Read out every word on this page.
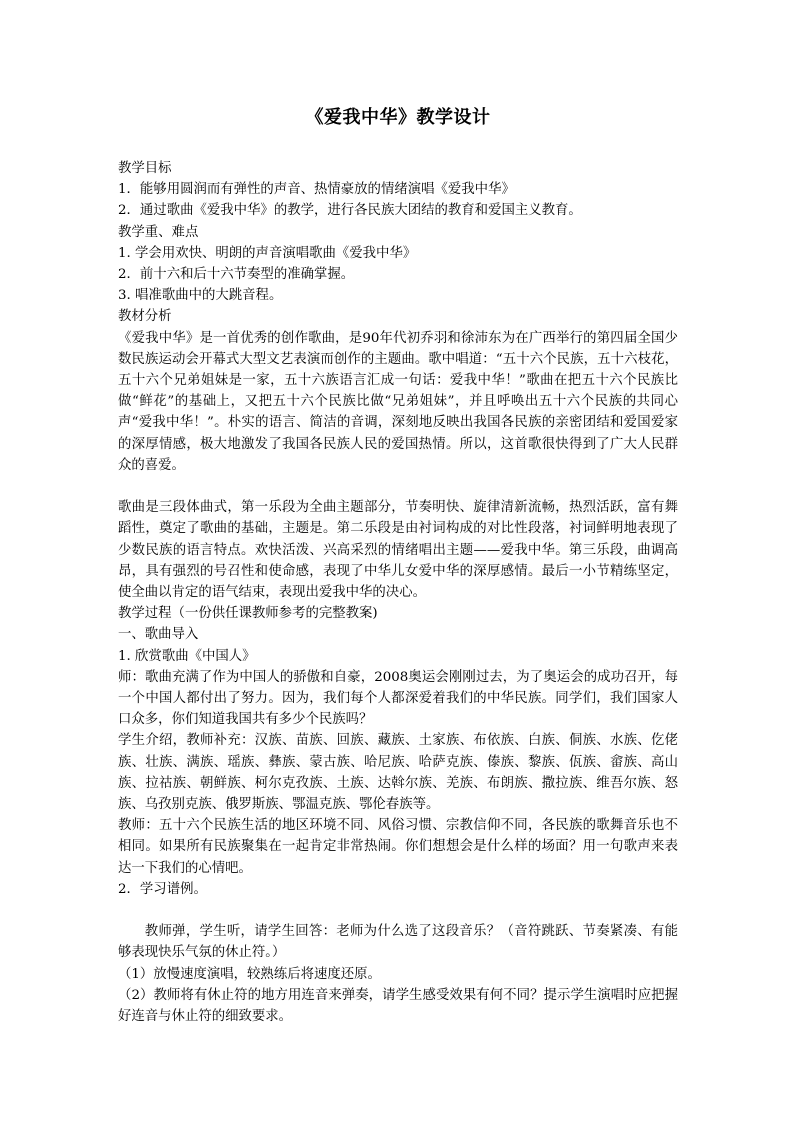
《爱我中华》教学设计

教学目标

1．能够用圆润而有弹性的声音、热情豪放的情绪演唱《爱我中华》

2．通过歌曲《爱我中华》的教学，进行各民族大团结的教育和爱国主义教育。

教学重、难点

1. 学会用欢快、明朗的声音演唱歌曲《爱我中华》

2．前十六和后十六节奏型的准确掌握。

3. 唱准歌曲中的大跳音程。

教材分析

《爱我中华》是一首优秀的创作歌曲，是90年代初乔羽和徐沛东为在广西举行的第四届全国少数民族运动会开幕式大型文艺表演而创作的主题曲。歌中唱道：“五十六个民族，五十六枝花，五十六个兄弟姐妹是一家，五十六族语言汇成一句话：爱我中华！”歌曲在把五十六个民族比做“鲜花”的基础上，又把五十六个民族比做“兄弟姐妹”，并且呼唤出五十六个民族的共同心声“爱我中华！”。朴实的语言、简洁的音调，深刻地反映出我国各民族的亲密团结和爱国爱家的深厚情感，极大地激发了我国各民族人民的爱国热情。所以，这首歌很快得到了广大人民群众的喜爱。

歌曲是三段体曲式，第一乐段为全曲主题部分，节奏明快、旋律清新流畅，热烈活跃，富有舞蹈性，奠定了歌曲的基础，主题是。第二乐段是由衬词构成的对比性段落，衬词鲜明地表现了少数民族的语言特点。欢快活泼、兴高采烈的情绪唱出主题——爱我中华。第三乐段，曲调高昂，具有强烈的号召性和使命感，表现了中华儿女爱中华的深厚感情。最后一小节精练坚定，使全曲以肯定的语气结束，表现出爱我中华的决心。

教学过程（一份供任课教师参考的完整教案)

一、歌曲导入

1. 欣赏歌曲《中国人》

师：歌曲充满了作为中国人的骄傲和自豪，2008奥运会刚刚过去，为了奥运会的成功召开，每一个中国人都付出了努力。因为，我们每个人都深爱着我们的中华民族。同学们，我们国家人口众多，你们知道我国共有多少个民族吗？

学生介绍，教师补充：汉族、苗族、回族、藏族、土家族、布依族、白族、侗族、水族、仡佬族、壮族、满族、瑶族、彝族、蒙古族、哈尼族、哈萨克族、傣族、黎族、佤族、畲族、高山族、拉祜族、朝鲜族、柯尔克孜族、土族、达斡尔族、羌族、布朗族、撒拉族、维吾尔族、怒族、乌孜别克族、俄罗斯族、鄂温克族、鄂伦春族等。

教师：五十六个民族生活的地区环境不同、风俗习惯、宗教信仰不同，各民族的歌舞音乐也不相同。如果所有民族聚集在一起肯定非常热闹。你们想想会是什么样的场面？用一句歌声来表达一下我们的心情吧。

2．学习谱例。

教师弹，学生听，请学生回答：老师为什么选了这段音乐？（音符跳跃、节奏紧凑、有能够表现快乐气氛的休止符。）

（1）放慢速度演唱，较熟练后将速度还原。

（2）教师将有休止符的地方用连音来弹奏，请学生感受效果有何不同？提示学生演唱时应把握好连音与休止符的细致要求。
